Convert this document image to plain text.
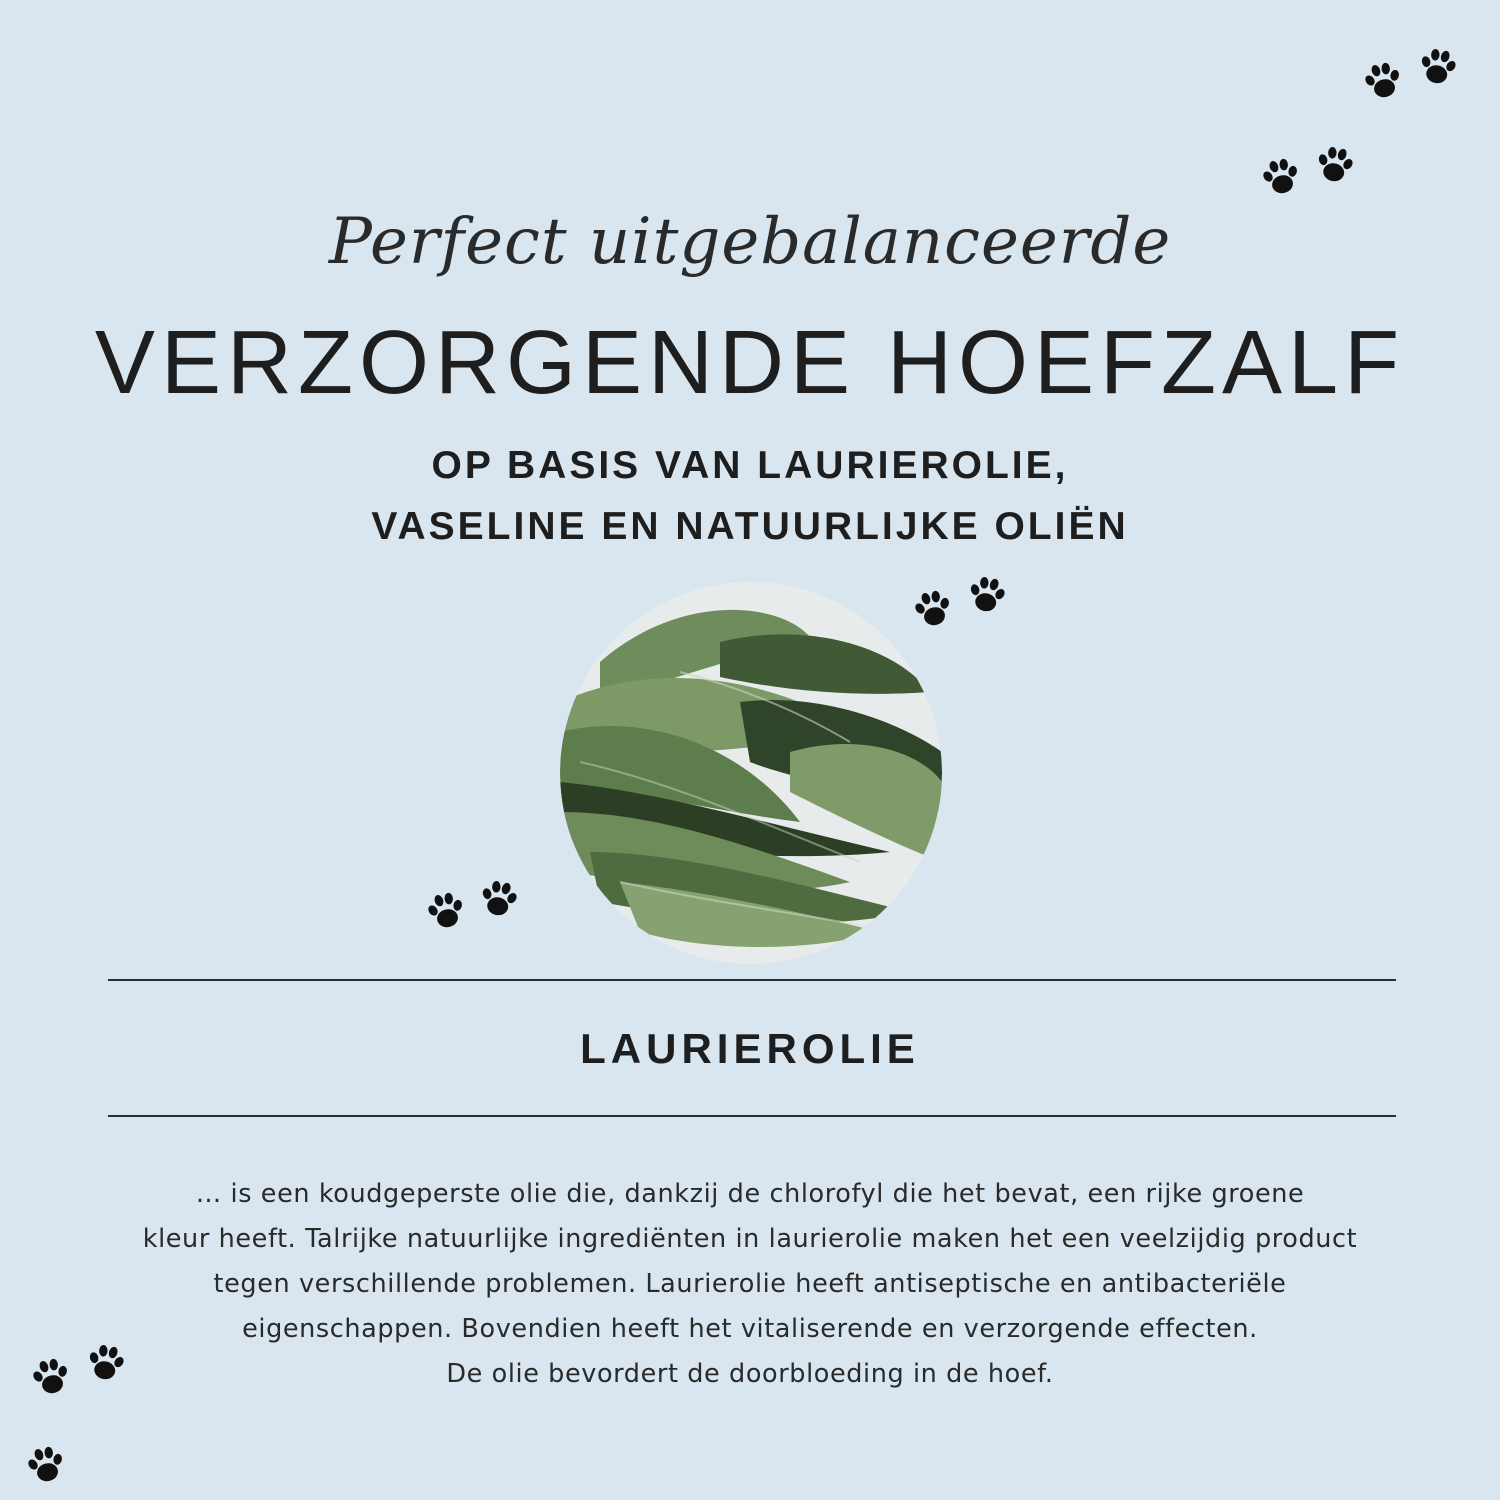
Perfect uitgebalanceerde
VERZORGENDE HOEFZALF
OP BASIS VAN LAURIEROLIE,
VASELINE EN NATUURLIJKE OLIËN
LAURIEROLIE
… is een koudgeperste olie die, dankzij de chlorofyl die het bevat, een rijke groene
kleur heeft. Talrijke natuurlijke ingrediënten in laurierolie maken het een veelzijdig product
tegen verschillende problemen. Laurierolie heeft antiseptische en antibacteriële
eigenschappen. Bovendien heeft het vitaliserende en verzorgende effecten.
De olie bevordert de doorbloeding in de hoef.
